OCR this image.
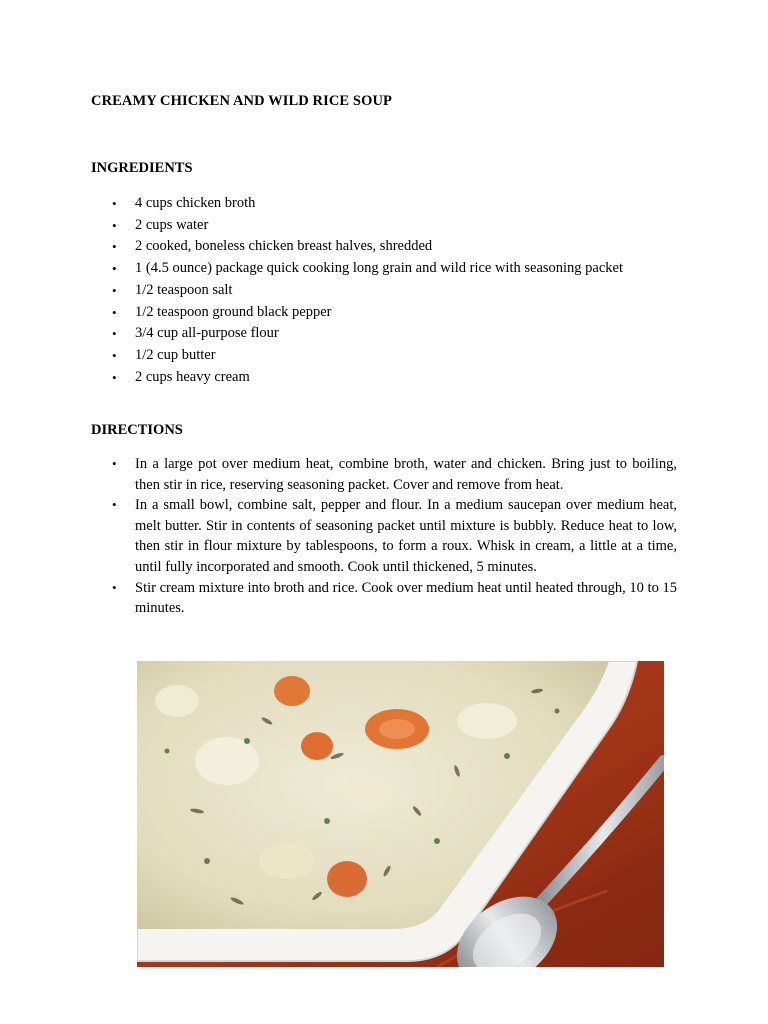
CREAMY CHICKEN AND WILD RICE SOUP
INGREDIENTS
• 4 cups chicken broth
• 2 cups water
• 2 cooked, boneless chicken breast halves, shredded
• 1 (4.5 ounce) package quick cooking long grain and wild rice with seasoning packet
• 1/2 teaspoon salt
• 1/2 teaspoon ground black pepper
• 3/4 cup all-purpose flour
• 1/2 cup butter
• 2 cups heavy cream
DIRECTIONS
• In a large pot over medium heat, combine broth, water and chicken. Bring just to boiling, then stir in rice, reserving seasoning packet. Cover and remove from heat.
• In a small bowl, combine salt, pepper and flour. In a medium saucepan over medium heat, melt butter. Stir in contents of seasoning packet until mixture is bubbly. Reduce heat to low, then stir in flour mixture by tablespoons, to form a roux. Whisk in cream, a little at a time, until fully incorporated and smooth. Cook until thickened, 5 minutes.
• Stir cream mixture into broth and rice. Cook over medium heat until heated through, 10 to 15 minutes.
